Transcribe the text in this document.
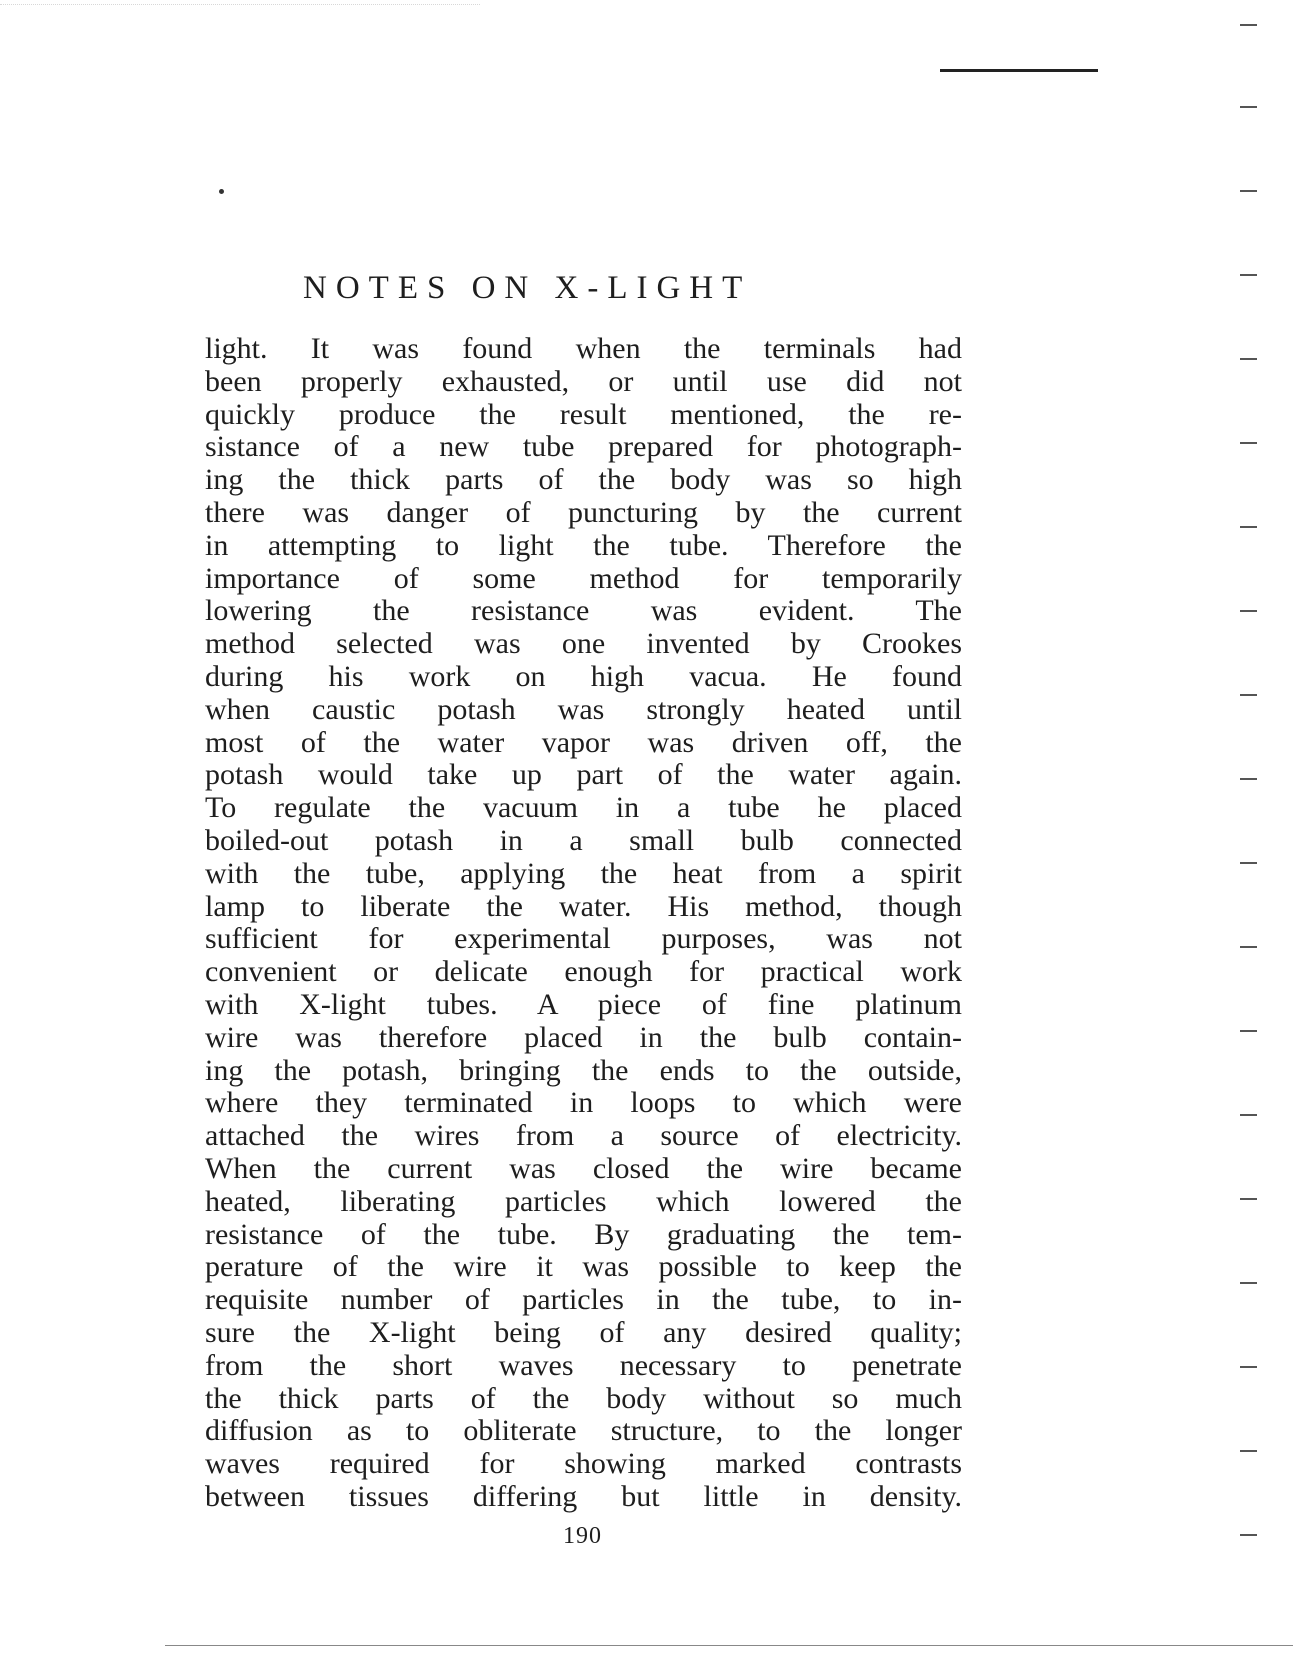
NOTES ON X-LIGHT
light. It was found when the terminals had
been properly exhausted, or until use did not
quickly produce the result mentioned, the re-
sistance of a new tube prepared for photograph-
ing the thick parts of the body was so high
there was danger of puncturing by the current
in attempting to light the tube. Therefore the
importance of some method for temporarily
lowering the resistance was evident. The
method selected was one invented by Crookes
during his work on high vacua. He found
when caustic potash was strongly heated until
most of the water vapor was driven off, the
potash would take up part of the water again.
To regulate the vacuum in a tube he placed
boiled-out potash in a small bulb connected
with the tube, applying the heat from a spirit
lamp to liberate the water. His method, though
sufficient for experimental purposes, was not
convenient or delicate enough for practical work
with X-light tubes. A piece of fine platinum
wire was therefore placed in the bulb contain-
ing the potash, bringing the ends to the outside,
where they terminated in loops to which were
attached the wires from a source of electricity.
When the current was closed the wire became
heated, liberating particles which lowered the
resistance of the tube. By graduating the tem-
perature of the wire it was possible to keep the
requisite number of particles in the tube, to in-
sure the X-light being of any desired quality;
from the short waves necessary to penetrate
the thick parts of the body without so much
diffusion as to obliterate structure, to the longer
waves required for showing marked contrasts
between tissues differing but little in density.
190
